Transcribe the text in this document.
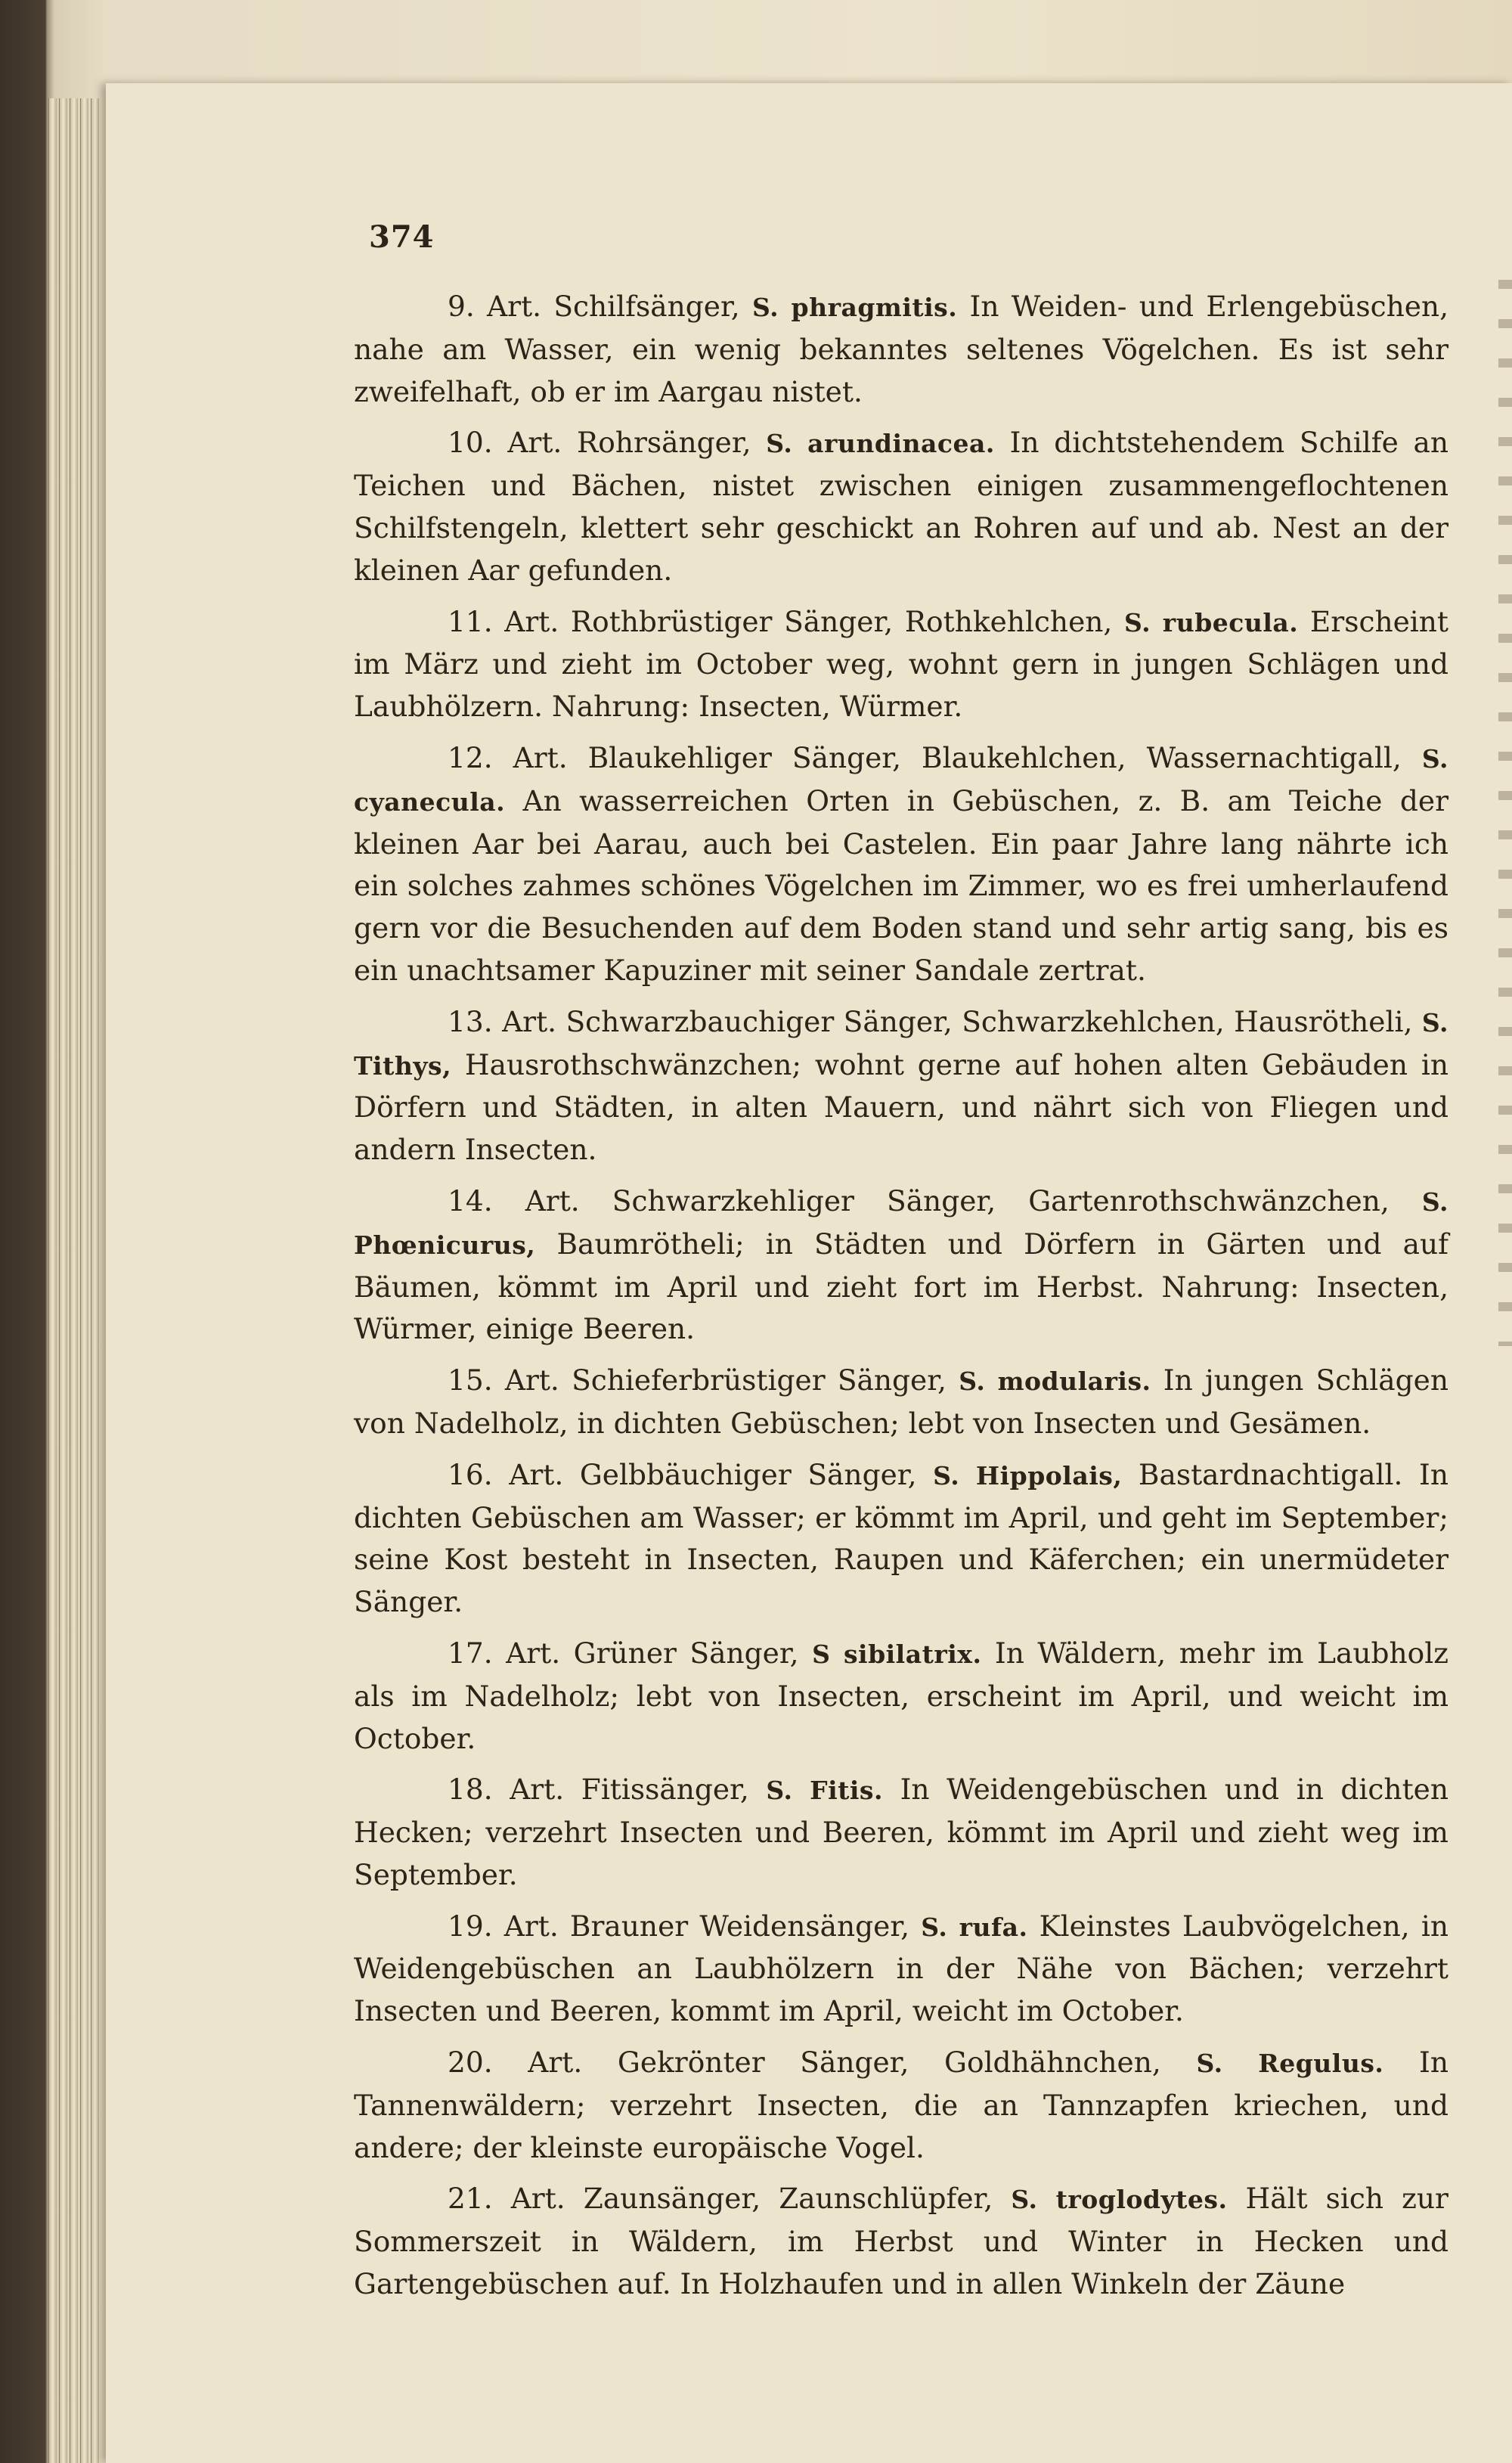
374

9. Art. Schilfsänger, S. phragmitis. In Weiden- und Erlengebüschen, nahe am Wasser, ein wenig bekanntes seltenes Vögelchen. Es ist sehr zweifelhaft, ob er im Aargau nistet.

10. Art. Rohrsänger, S. arundinacea. In dichtstehendem Schilfe an Teichen und Bächen, nistet zwischen einigen zusammengeflochtenen Schilfstengeln, klettert sehr geschickt an Rohren auf und ab. Nest an der kleinen Aar gefunden.

11. Art. Rothbrüstiger Sänger, Rothkehlchen, S. rubecula. Erscheint im März und zieht im October weg, wohnt gern in jungen Schlägen und Laubhölzern. Nahrung: Insecten, Würmer.

12. Art. Blaukehliger Sänger, Blaukehlchen, Wassernachtigall, S. cyanecula. An wasserreichen Orten in Gebüschen, z. B. am Teiche der kleinen Aar bei Aarau, auch bei Castelen. Ein paar Jahre lang nährte ich ein solches zahmes schönes Vögelchen im Zimmer, wo es frei umherlaufend gern vor die Besuchenden auf dem Boden stand und sehr artig sang, bis es ein unachtsamer Kapuziner mit seiner Sandale zertrat.

13. Art. Schwarzbauchiger Sänger, Schwarzkehlchen, Hausrötheli, S. Tithys, Hausrothschwänzchen; wohnt gerne auf hohen alten Gebäuden in Dörfern und Städten, in alten Mauern, und nährt sich von Fliegen und andern Insecten.

14. Art. Schwarzkehliger Sänger, Gartenrothschwänzchen, S. Phœnicurus, Baumrötheli; in Städten und Dörfern in Gärten und auf Bäumen, kömmt im April und zieht fort im Herbst. Nahrung: Insecten, Würmer, einige Beeren.

15. Art. Schieferbrüstiger Sänger, S. modularis. In jungen Schlägen von Nadelholz, in dichten Gebüschen; lebt von Insecten und Gesämen.

16. Art. Gelbbäuchiger Sänger, S. Hippolais, Bastardnachtigall. In dichten Gebüschen am Wasser; er kömmt im April, und geht im September; seine Kost besteht in Insecten, Raupen und Käferchen; ein unermüdeter Sänger.

17. Art. Grüner Sänger, S sibilatrix. In Wäldern, mehr im Laubholz als im Nadelholz; lebt von Insecten, erscheint im April, und weicht im October.

18. Art. Fitissänger, S. Fitis. In Weidengebüschen und in dichten Hecken; verzehrt Insecten und Beeren, kömmt im April und zieht weg im September.

19. Art. Brauner Weidensänger, S. rufa. Kleinstes Laubvögelchen, in Weidengebüschen an Laubhölzern in der Nähe von Bächen; verzehrt Insecten und Beeren, kommt im April, weicht im October.

20. Art. Gekrönter Sänger, Goldhähnchen, S. Regulus. In Tannenwäldern; verzehrt Insecten, die an Tannzapfen kriechen, und andere; der kleinste europäische Vogel.

21. Art. Zaunsänger, Zaunschlüpfer, S. troglodytes. Hält sich zur Sommerszeit in Wäldern, im Herbst und Winter in Hecken und Gartengebüschen auf. In Holzhaufen und in allen Winkeln der Zäune
